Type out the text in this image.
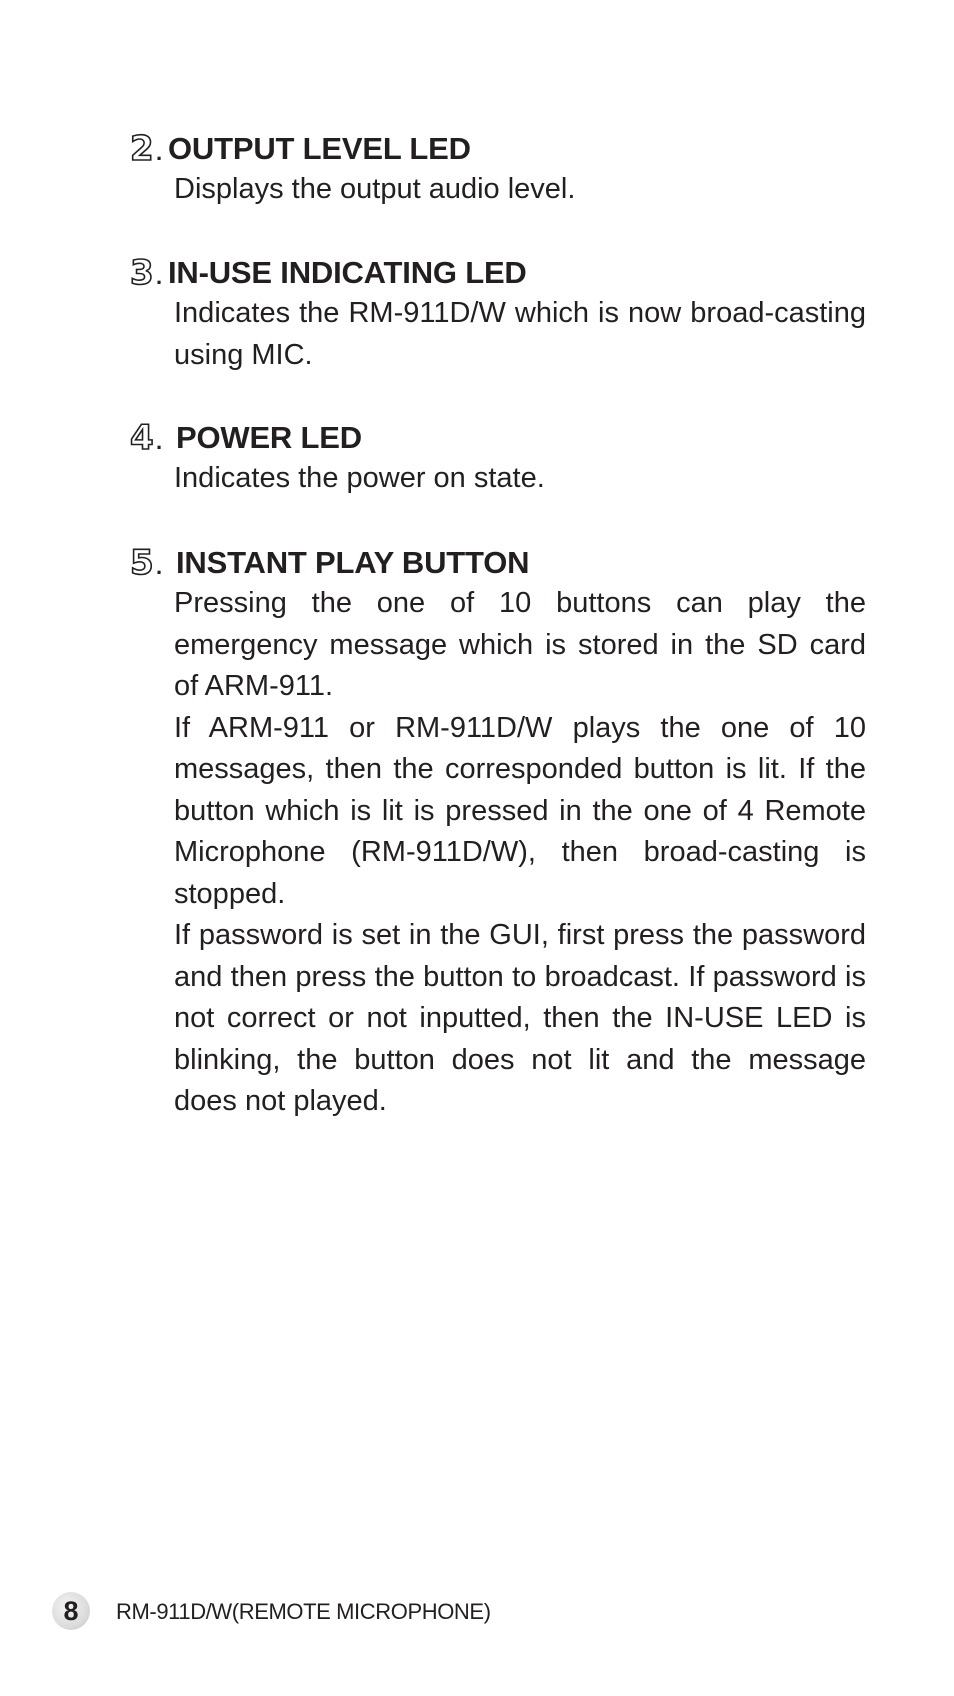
2 . OUTPUT LEVEL LED

Displays the output audio level.

3 . IN-USE INDICATING LED

Indicates the RM-911D/W which is now broad-casting using MIC.

4 . POWER LED

Indicates the power on state.

5 . INSTANT PLAY BUTTON

Pressing the one of 10 buttons can play the emergency message which is stored in the SD card of ARM-911.

If ARM-911 or RM-911D/W plays the one of 10 messages, then the corresponded button is lit. If the button which is lit is pressed in the one of 4 Remote Microphone (RM-911D/W), then broad-casting is stopped.

If password is set in the GUI, first press the password and then press the button to broadcast. If password is not correct or not inputted, then the IN-USE LED is blinking, the button does not lit and the message does not played.

8	RM-911D/W(REMOTE MICROPHONE)
